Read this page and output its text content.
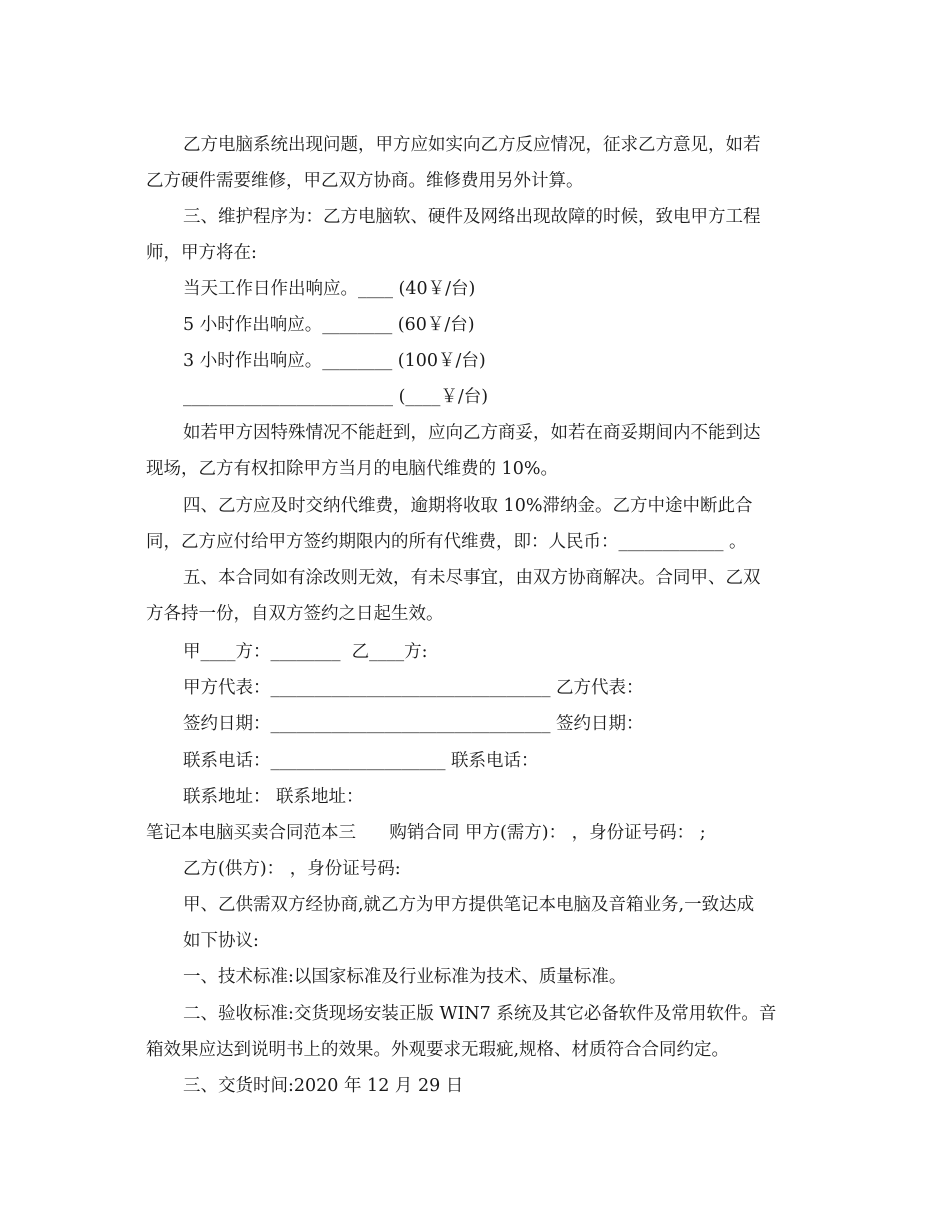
乙方电脑系统出现问题，甲方应如实向乙方反应情况，征求乙方意见，如若
乙方硬件需要维修，甲乙双方协商。维修费用另外计算。
三、维护程序为：乙方电脑软、硬件及网络出现故障的时候，致电甲方工程
师，甲方将在:
当天工作日作出响应。____ (40￥/台)
5 小时作出响应。________ (60￥/台)
3 小时作出响应。________ (100￥/台)
________________________ (____￥/台)
如若甲方因特殊情况不能赶到，应向乙方商妥，如若在商妥期间内不能到达
现场，乙方有权扣除甲方当月的电脑代维费的 10%。
四、乙方应及时交纳代维费，逾期将收取 10%滞纳金。乙方中途中断此合
同，乙方应付给甲方签约期限内的所有代维费，即：人民币：____________ 。
五、本合同如有涂改则无效，有未尽事宜，由双方协商解决。合同甲、乙双
方各持一份，自双方签约之日起生效。
甲____方：________  乙____方:
甲方代表：________________________________ 乙方代表：
签约日期：________________________________ 签约日期：
联系电话：____________________ 联系电话：
联系地址： 联系地址：
笔记本电脑买卖合同范本三      购销合同 甲方(需方)： ，身份证号码： ;
乙方(供方)： ，身份证号码:
甲、乙供需双方经协商,就乙方为甲方提供笔记本电脑及音箱业务,一致达成
如下协议:
一、技术标准:以国家标准及行业标准为技术、质量标准。
二、验收标准:交货现场安装正版 WIN7 系统及其它必备软件及常用软件。音
箱效果应达到说明书上的效果。外观要求无瑕疵,规格、材质符合合同约定。
三、交货时间:2020 年 12 月 29 日
